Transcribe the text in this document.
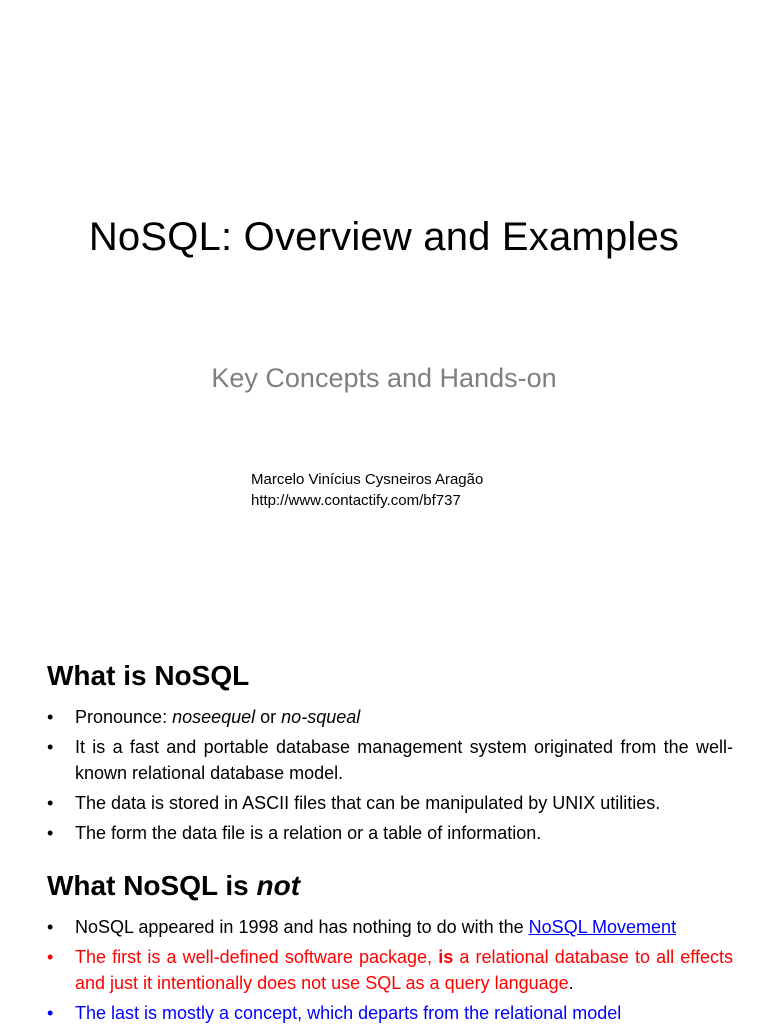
NoSQL: Overview and Examples
Key Concepts and Hands-on
Marcelo Vinícius Cysneiros Aragão
http://www.contactify.com/bf737
What is NoSQL
• Pronounce: noseequel or no-squeal
• It is a fast and portable database management system originated from the well-known relational database model.
• The data is stored in ASCII files that can be manipulated by UNIX utilities.
• The form the data file is a relation or a table of information.
What NoSQL is not
• NoSQL appeared in 1998 and has nothing to do with the NoSQL Movement
• The first is a well-defined software package, is a relational database to all effects and just it intentionally does not use SQL as a query language.
• The last is mostly a concept, which departs from the relational model
